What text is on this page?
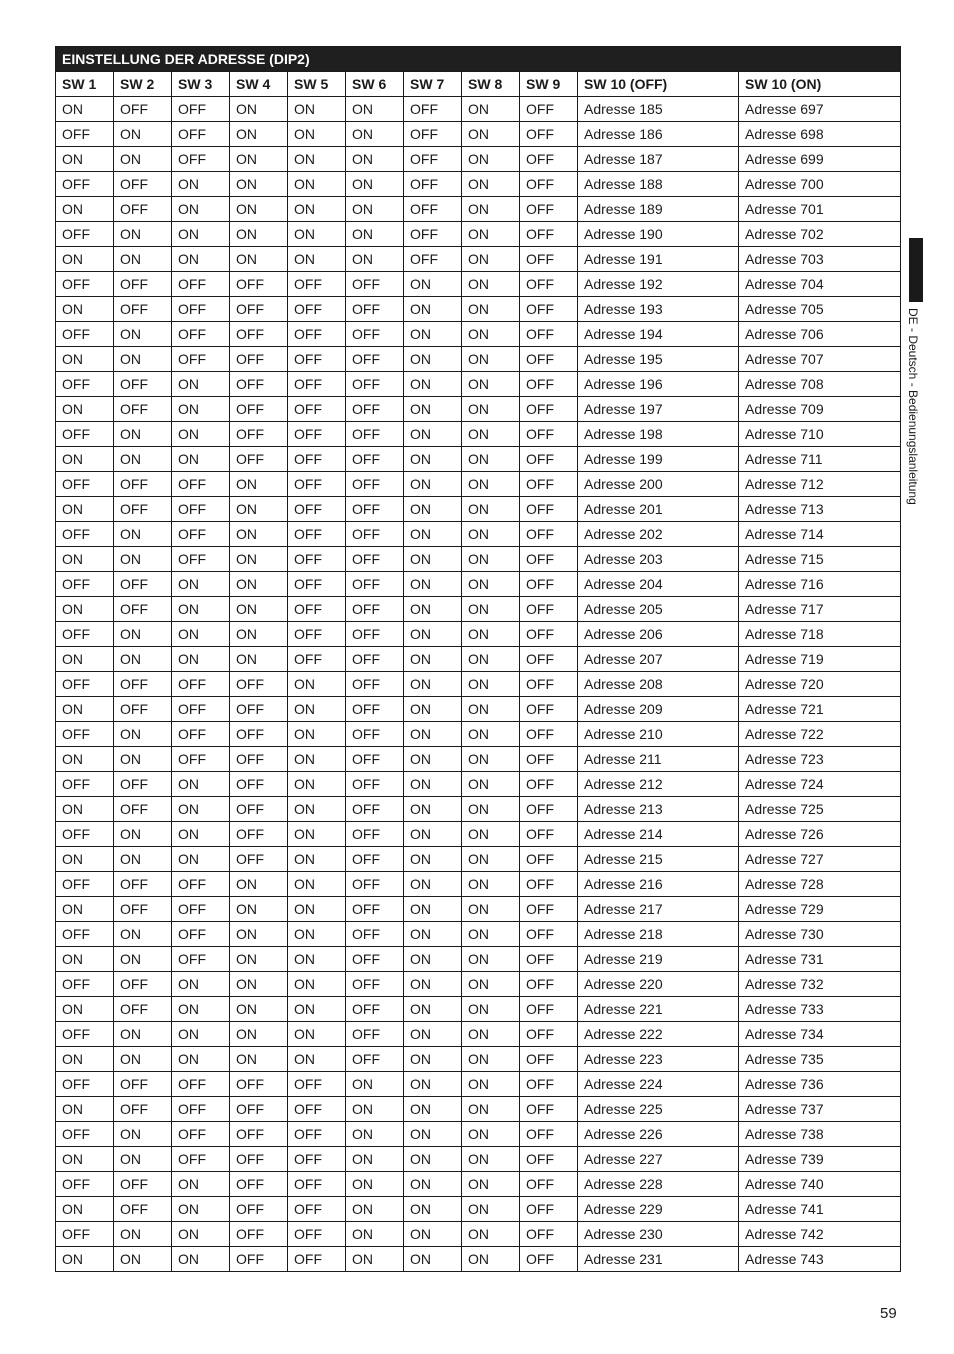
EINSTELLUNG DER ADRESSE (DIP2)										
SW 1	SW 2	SW 3	SW 4	SW 5	SW 6	SW 7	SW 8	SW 9	SW 10 (OFF)	SW 10 (ON)
ON	OFF	OFF	ON	ON	ON	OFF	ON	OFF	Adresse 185	Adresse 697
OFF	ON	OFF	ON	ON	ON	OFF	ON	OFF	Adresse 186	Adresse 698
ON	ON	OFF	ON	ON	ON	OFF	ON	OFF	Adresse 187	Adresse 699
OFF	OFF	ON	ON	ON	ON	OFF	ON	OFF	Adresse 188	Adresse 700
ON	OFF	ON	ON	ON	ON	OFF	ON	OFF	Adresse 189	Adresse 701
OFF	ON	ON	ON	ON	ON	OFF	ON	OFF	Adresse 190	Adresse 702
ON	ON	ON	ON	ON	ON	OFF	ON	OFF	Adresse 191	Adresse 703
OFF	OFF	OFF	OFF	OFF	OFF	ON	ON	OFF	Adresse 192	Adresse 704
ON	OFF	OFF	OFF	OFF	OFF	ON	ON	OFF	Adresse 193	Adresse 705
OFF	ON	OFF	OFF	OFF	OFF	ON	ON	OFF	Adresse 194	Adresse 706
ON	ON	OFF	OFF	OFF	OFF	ON	ON	OFF	Adresse 195	Adresse 707
OFF	OFF	ON	OFF	OFF	OFF	ON	ON	OFF	Adresse 196	Adresse 708
ON	OFF	ON	OFF	OFF	OFF	ON	ON	OFF	Adresse 197	Adresse 709
OFF	ON	ON	OFF	OFF	OFF	ON	ON	OFF	Adresse 198	Adresse 710
ON	ON	ON	OFF	OFF	OFF	ON	ON	OFF	Adresse 199	Adresse 711
OFF	OFF	OFF	ON	OFF	OFF	ON	ON	OFF	Adresse 200	Adresse 712
ON	OFF	OFF	ON	OFF	OFF	ON	ON	OFF	Adresse 201	Adresse 713
OFF	ON	OFF	ON	OFF	OFF	ON	ON	OFF	Adresse 202	Adresse 714
ON	ON	OFF	ON	OFF	OFF	ON	ON	OFF	Adresse 203	Adresse 715
OFF	OFF	ON	ON	OFF	OFF	ON	ON	OFF	Adresse 204	Adresse 716
ON	OFF	ON	ON	OFF	OFF	ON	ON	OFF	Adresse 205	Adresse 717
OFF	ON	ON	ON	OFF	OFF	ON	ON	OFF	Adresse 206	Adresse 718
ON	ON	ON	ON	OFF	OFF	ON	ON	OFF	Adresse 207	Adresse 719
OFF	OFF	OFF	OFF	ON	OFF	ON	ON	OFF	Adresse 208	Adresse 720
ON	OFF	OFF	OFF	ON	OFF	ON	ON	OFF	Adresse 209	Adresse 721
OFF	ON	OFF	OFF	ON	OFF	ON	ON	OFF	Adresse 210	Adresse 722
ON	ON	OFF	OFF	ON	OFF	ON	ON	OFF	Adresse 211	Adresse 723
OFF	OFF	ON	OFF	ON	OFF	ON	ON	OFF	Adresse 212	Adresse 724
ON	OFF	ON	OFF	ON	OFF	ON	ON	OFF	Adresse 213	Adresse 725
OFF	ON	ON	OFF	ON	OFF	ON	ON	OFF	Adresse 214	Adresse 726
ON	ON	ON	OFF	ON	OFF	ON	ON	OFF	Adresse 215	Adresse 727
OFF	OFF	OFF	ON	ON	OFF	ON	ON	OFF	Adresse 216	Adresse 728
ON	OFF	OFF	ON	ON	OFF	ON	ON	OFF	Adresse 217	Adresse 729
OFF	ON	OFF	ON	ON	OFF	ON	ON	OFF	Adresse 218	Adresse 730
ON	ON	OFF	ON	ON	OFF	ON	ON	OFF	Adresse 219	Adresse 731
OFF	OFF	ON	ON	ON	OFF	ON	ON	OFF	Adresse 220	Adresse 732
ON	OFF	ON	ON	ON	OFF	ON	ON	OFF	Adresse 221	Adresse 733
OFF	ON	ON	ON	ON	OFF	ON	ON	OFF	Adresse 222	Adresse 734
ON	ON	ON	ON	ON	OFF	ON	ON	OFF	Adresse 223	Adresse 735
OFF	OFF	OFF	OFF	OFF	ON	ON	ON	OFF	Adresse 224	Adresse 736
ON	OFF	OFF	OFF	OFF	ON	ON	ON	OFF	Adresse 225	Adresse 737
OFF	ON	OFF	OFF	OFF	ON	ON	ON	OFF	Adresse 226	Adresse 738
ON	ON	OFF	OFF	OFF	ON	ON	ON	OFF	Adresse 227	Adresse 739
OFF	OFF	ON	OFF	OFF	ON	ON	ON	OFF	Adresse 228	Adresse 740
ON	OFF	ON	OFF	OFF	ON	ON	ON	OFF	Adresse 229	Adresse 741
OFF	ON	ON	OFF	OFF	ON	ON	ON	OFF	Adresse 230	Adresse 742
ON	ON	ON	OFF	OFF	ON	ON	ON	OFF	Adresse 231	Adresse 743
DE - Deutsch - Bedienungslanleitung
59
